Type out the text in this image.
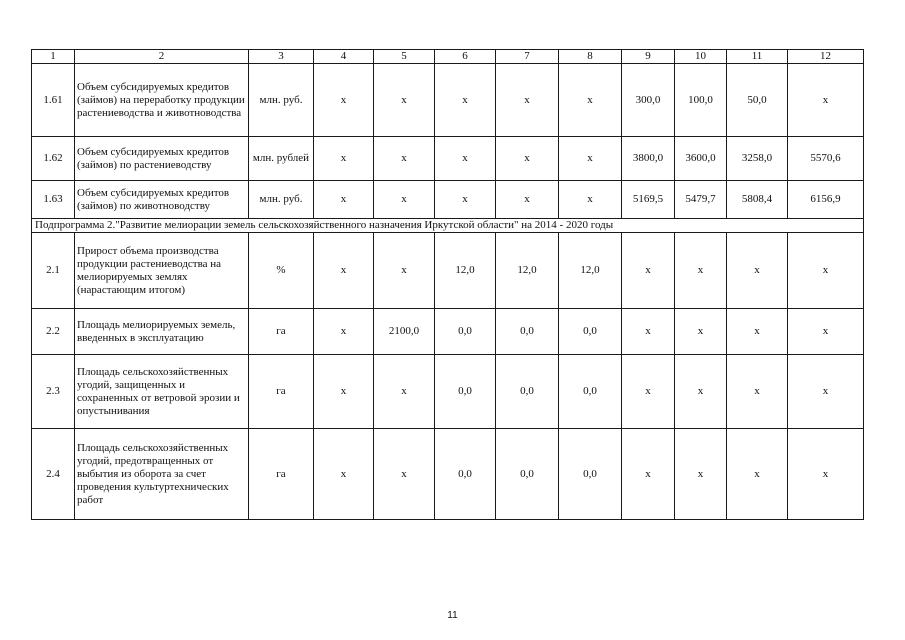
1	2	3	4	5	6	7	8	9	10	11	12
1.61	Объем субсидируемых кредитов (займов) на переработку продукции растениеводства и животноводства	млн. руб.	x	x	x	x	x	300,0	100,0	50,0	x
1.62	Объем субсидируемых кредитов (займов) по растениеводству	млн. рублей	x	x	x	x	x	3800,0	3600,0	3258,0	5570,6
1.63	Объем субсидируемых кредитов (займов) по животноводству	млн. руб.	x	x	x	x	x	5169,5	5479,7	5808,4	6156,9
Подпрограмма 2."Развитие мелиорации земель сельскохозяйственного назначения Иркутской области" на 2014 - 2020 годы											
2.1	Прирост объема производства продукции растениеводства на мелиорируемых землях (нарастающим итогом)	%	x	x	12,0	12,0	12,0	x	x	x	x
2.2	Площадь мелиорируемых земель, введенных в эксплуатацию	га	x	2100,0	0,0	0,0	0,0	x	x	x	x
2.3	Площадь сельскохозяйственных угодий, защищенных и сохраненных от ветровой эрозии и опустынивания	га	x	x	0,0	0,0	0,0	x	x	x	x
2.4	Площадь сельскохозяйственных угодий, предотвращенных от выбытия из оборота за счет проведения культуртехнических работ	га	x	x	0,0	0,0	0,0	x	x	x	x
11
